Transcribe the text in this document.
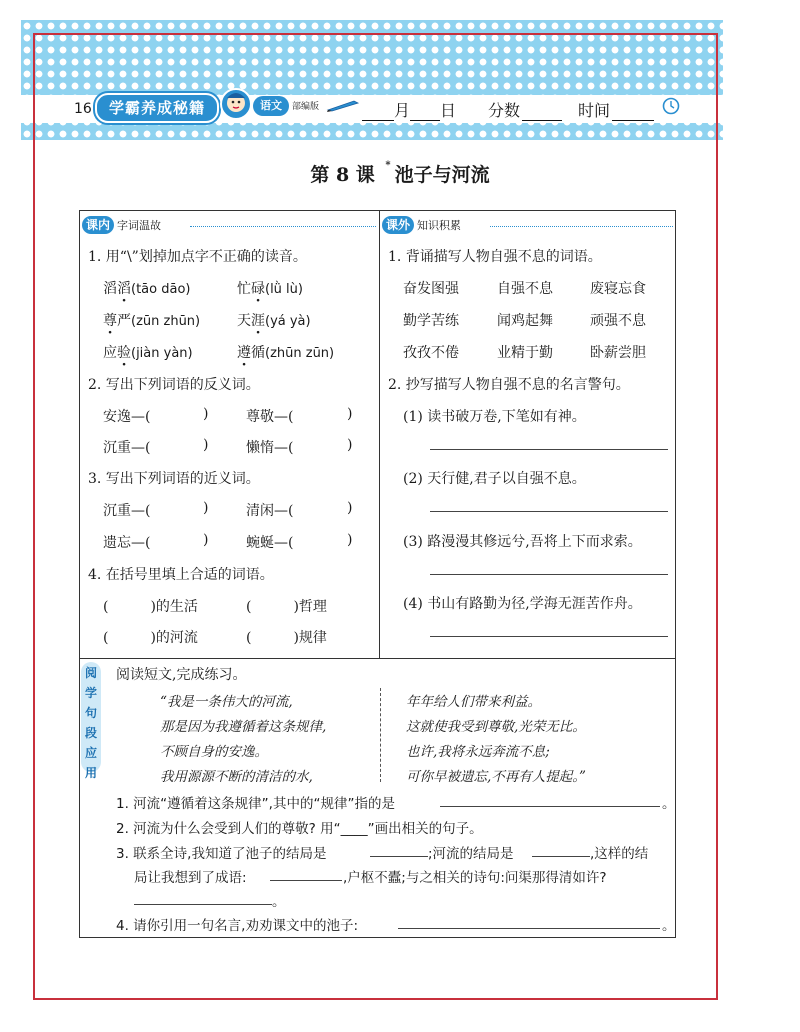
16	学霸养成秘籍	语文	部编版	月 日 分数	时间
第 8 课 * 池子与河流
课内 字词温故
1. 用“\”划掉加点字不正确的读音。
滔滔(tāo dāo)	忙碌(lǜ lù)
尊严(zūn zhūn)	天涯(yá yà)
应验(jiàn yàn)	遵循(zhūn zūn)
2. 写出下列词语的反义词。
安逸—(	)	尊敬—(	)
沉重—(	)	懒惰—(	)
3. 写出下列词语的近义词。
沉重—(	)	清闲—(	)
遗忘—(	)	蜿蜒—(	)
4. 在括号里填上合适的词语。
(　　　)的生活	(　　　)哲理
(　　　)的河流	(　　　)规律
课外 知识积累
1. 背诵描写人物自强不息的词语。
奋发图强	自强不息	废寝忘食
勤学苦练	闻鸡起舞	顽强不息
孜孜不倦	业精于勤	卧薪尝胆
2. 抄写描写人物自强不息的名言警句。
(1) 读书破万卷,下笔如有神。
(2) 天行健,君子以自强不息。
(3) 路漫漫其修远兮,吾将上下而求索。
(4) 书山有路勤为径,学海无涯苦作舟。
阅
学
句
段
应
用
阅读短文,完成练习。
“我是一条伟大的河流,
那是因为我遵循着这条规律,
不顾自身的安逸。
我用源源不断的清洁的水,
年年给人们带来利益。
这就使我受到尊敬,光荣无比。
也许,我将永远奔流不息;
可你早被遗忘,不再有人提起。”
1. 河流“遵循着这条规律”,其中的“规律”指的是	。
2. 河流为什么会受到人们的尊敬? 用“____”画出相关的句子。
3. 联系全诗,我知道了池子的结局是	;河流的结局是	,这样的结
局让我想到了成语:	,户枢不蠹;与之相关的诗句:问渠那得清如许?
。
4. 请你引用一句名言,劝劝课文中的池子:	。
